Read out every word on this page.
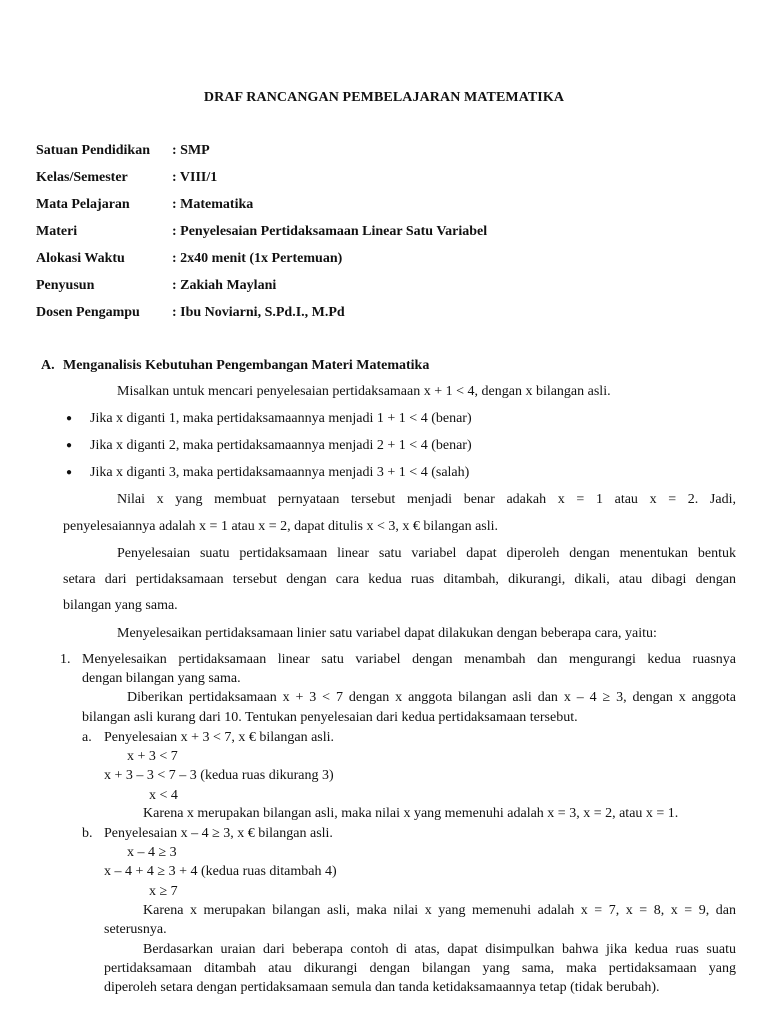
DRAF RANCANGAN PEMBELAJARAN MATEMATIKA
Satuan Pendidikan : SMP
Kelas/Semester	: VIII/1
Mata Pelajaran	: Matematika
Materi	: Penyelesaian Pertidaksamaan Linear Satu Variabel
Alokasi Waktu	: 2x40 menit (1x Pertemuan)
Penyusun	: Zakiah Maylani
Dosen Pengampu : Ibu Noviarni, S.Pd.I., M.Pd
A. Menganalisis Kebutuhan Pengembangan Materi Matematika
Misalkan untuk mencari penyelesaian pertidaksamaan x + 1 < 4, dengan x bilangan asli.
● Jika x diganti 1, maka pertidaksamaannya menjadi 1 + 1 < 4 (benar)
● Jika x diganti 2, maka pertidaksamaannya menjadi 2 + 1 < 4 (benar)
● Jika x diganti 3, maka pertidaksamaannya menjadi 3 + 1 < 4 (salah)
Nilai x yang membuat pernyataan tersebut menjadi benar adakah x = 1 atau x = 2. Jadi,
penyelesaiannya adalah x = 1 atau x = 2, dapat ditulis x < 3, x € bilangan asli.
Penyelesaian suatu pertidaksamaan linear satu variabel dapat diperoleh dengan menentukan bentuk
setara dari pertidaksamaan tersebut dengan cara kedua ruas ditambah, dikurangi, dikali, atau dibagi dengan
bilangan yang sama.
Menyelesaikan pertidaksamaan linier satu variabel dapat dilakukan dengan beberapa cara, yaitu:
1. Menyelesaikan pertidaksamaan linear satu variabel dengan menambah dan mengurangi kedua ruasnya
dengan bilangan yang sama.
Diberikan pertidaksamaan x + 3 < 7 dengan x anggota bilangan asli dan x – 4 ≥ 3, dengan x anggota
bilangan asli kurang dari 10. Tentukan penyelesaian dari kedua pertidaksamaan tersebut.
a. Penyelesaian x + 3 < 7, x € bilangan asli.
x + 3 < 7
x + 3 – 3 < 7 – 3 (kedua ruas dikurang 3)
x < 4
Karena x merupakan bilangan asli, maka nilai x yang memenuhi adalah x = 3, x = 2, atau x = 1.
b. Penyelesaian x – 4 ≥ 3, x € bilangan asli.
x – 4 ≥ 3
x – 4 + 4 ≥ 3 + 4 (kedua ruas ditambah 4)
x ≥ 7
Karena x merupakan bilangan asli, maka nilai x yang memenuhi adalah x = 7, x = 8, x = 9, dan
seterusnya.
Berdasarkan uraian dari beberapa contoh di atas, dapat disimpulkan bahwa jika kedua ruas suatu
pertidaksamaan ditambah atau dikurangi dengan bilangan yang sama, maka pertidaksamaan yang
diperoleh setara dengan pertidaksamaan semula dan tanda ketidaksamaannya tetap (tidak berubah).
